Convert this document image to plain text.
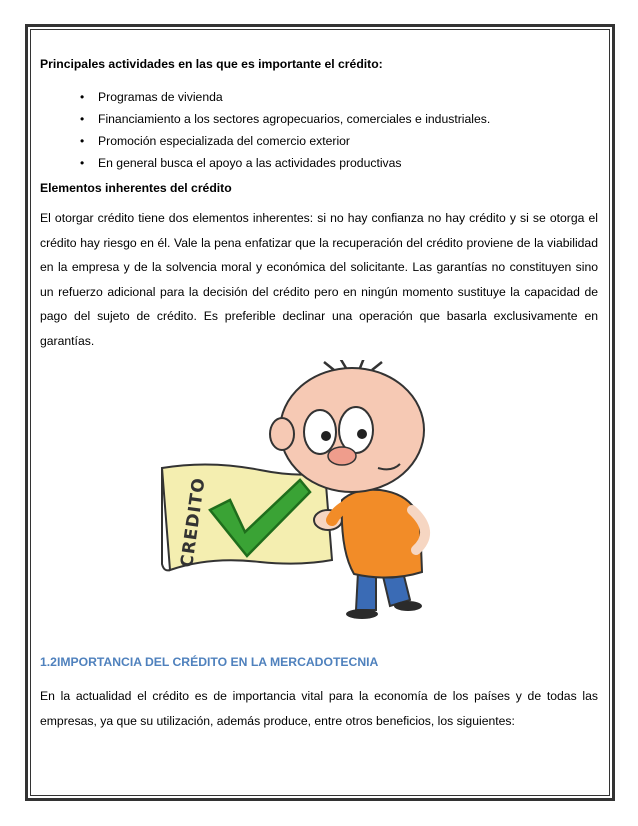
Principales actividades en las que es importante el crédito:

• Programas de vivienda
• Financiamiento a los sectores agropecuarios, comerciales e industriales.
• Promoción especializada del comercio exterior
• En general busca el apoyo a las actividades productivas

Elementos inherentes del crédito

El otorgar crédito tiene dos elementos inherentes: si no hay confianza no hay crédito y si se otorga el crédito hay riesgo en él. Vale la pena enfatizar que la recuperación del crédito proviene de la viabilidad en la empresa y de la solvencia moral y económica del solicitante. Las garantías no constituyen sino un refuerzo adicional para la decisión del crédito pero en ningún momento sustituye la capacidad de pago del sujeto de crédito. Es preferible declinar una operación que basarla exclusivamente en garantías.

CREDITO

1.2IMPORTANCIA DEL CRÉDITO EN LA MERCADOTECNIA

En la actualidad el crédito es de importancia vital para la economía de los países y de todas las empresas, ya que su utilización, además produce, entre otros beneficios, los siguientes:
